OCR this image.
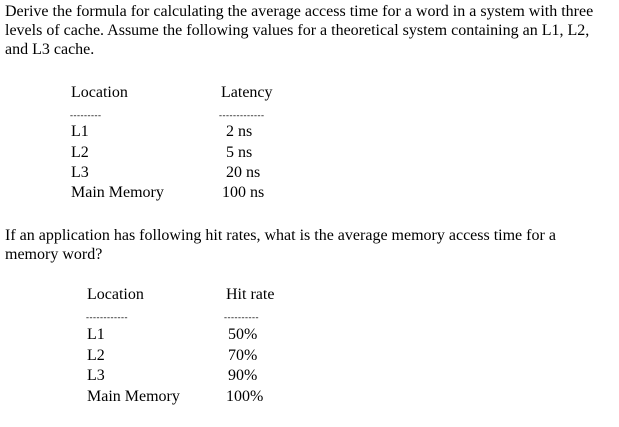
Derive the formula for calculating the average access time for a word in a system with three levels of cache. Assume the following values for a theoretical system containing an L1, L2, and L3 cache.

Location	Latency
---------	-------------
L1	2 ns
L2	5 ns
L3	20 ns
Main Memory	100 ns

If an application has following hit rates, what is the average memory access time for a memory word?

Location	Hit rate
------------	----------
L1	50%
L2	70%
L3	90%
Main Memory	100%
